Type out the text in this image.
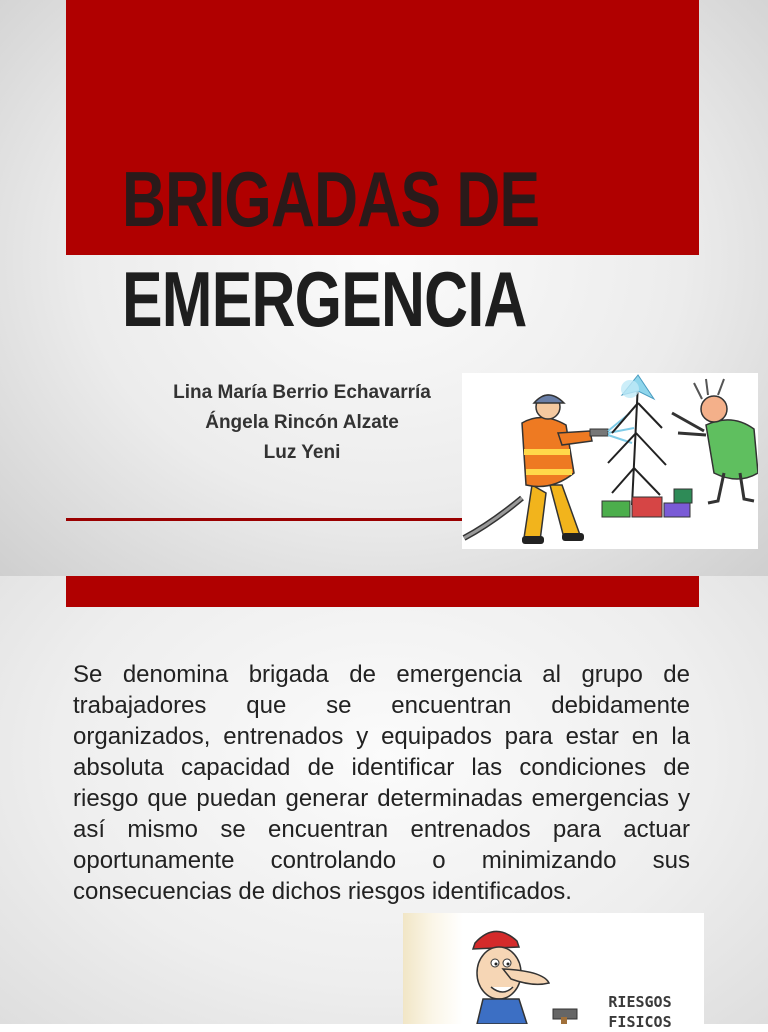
BRIGADAS DE
EMERGENCIA
Lina María Berrio Echavarría
Ángela Rincón Alzate
Luz Yeni

Se denomina brigada de emergencia al grupo de trabajadores que se encuentran debidamente organizados, entrenados y equipados para estar en la absoluta capacidad de identificar las condiciones de riesgo que puedan generar determinadas emergencias y así mismo se encuentran entrenados para actuar oportunamente controlando o minimizando sus consecuencias de dichos riesgos identificados.

RIESGOS
FISICOS
